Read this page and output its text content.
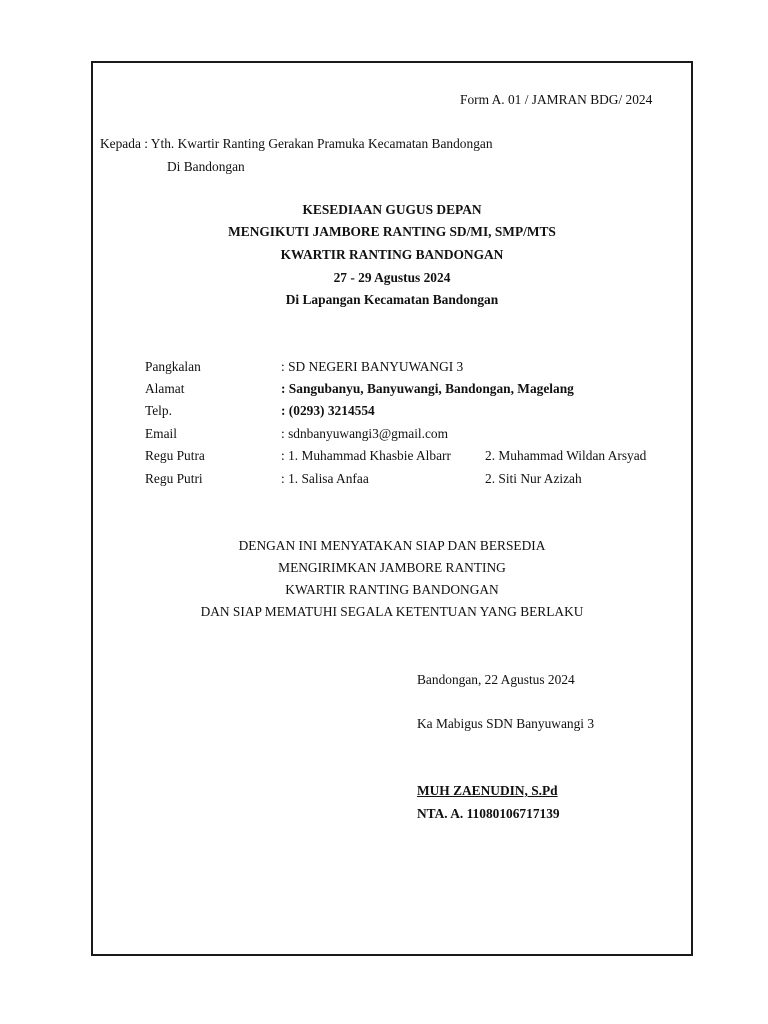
Form A. 01 / JAMRAN BDG/ 2024
Kepada : Yth. Kwartir Ranting Gerakan Pramuka Kecamatan Bandongan
Di Bandongan
KESEDIAAN GUGUS DEPAN
MENGIKUTI JAMBORE RANTING SD/MI, SMP/MTS
KWARTIR RANTING BANDONGAN
27 - 29 Agustus 2024
Di Lapangan Kecamatan Bandongan
Pangkalan	: SD NEGERI BANYUWANGI 3
Alamat	: Sangubanyu, Banyuwangi, Bandongan, Magelang
Telp.	: (0293) 3214554
Email	: sdnbanyuwangi3@gmail.com
Regu Putra	: 1. Muhammad Khasbie Albarr	2. Muhammad Wildan Arsyad
Regu Putri	: 1. Salisa Anfaa	2. Siti Nur Azizah
DENGAN INI MENYATAKAN SIAP DAN BERSEDIA
MENGIRIMKAN JAMBORE RANTING
KWARTIR RANTING BANDONGAN
DAN SIAP MEMATUHI SEGALA KETENTUAN YANG BERLAKU
Bandongan, 22 Agustus 2024
Ka Mabigus SDN Banyuwangi 3
MUH ZAENUDIN, S.Pd
NTA. A. 11080106717139
